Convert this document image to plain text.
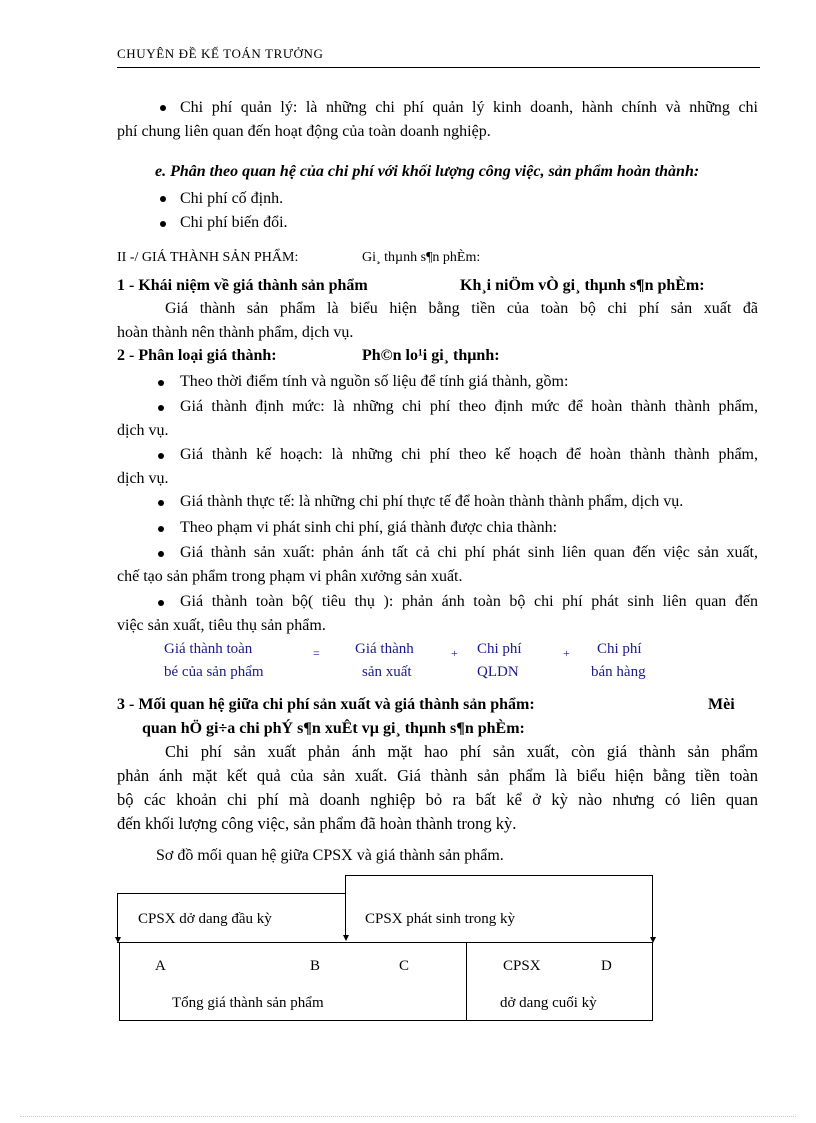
CHUYÊN ĐỀ KẾ TOÁN TRƯỞNG
Chi phí quản lý: là những chi phí quản lý kinh doanh, hành chính và những chi
phí chung liên quan đến hoạt động của toàn doanh nghiệp.
e. Phân theo quan hệ của chi phí với khối lượng công việc, sản phẩm hoàn thành:
Chi phí cố định.
Chi phí biến đổi.
II -/ GIÁ THÀNH SẢN PHẨM:	Gi¸ thµnh s¶n phÈm:
1 - Khái niệm về giá thành sản phẩm	Kh¸i niÖm vÒ gi¸ thµnh s¶n phÈm:
Giá thành sản phẩm là biểu hiện bằng tiền của toàn bộ chi phí sản xuất đã
hoàn thành nên thành phẩm, dịch vụ.
2 - Phân loại giá thành:	Ph©n lo¹i gi¸ thµnh:
Theo thời điểm tính và nguồn số liệu để tính giá thành, gồm:
Giá thành định mức: là những chi phí theo định mức để hoàn thành thành phẩm,
dịch vụ.
Giá thành kế hoạch: là những chi phí theo kế hoạch để hoàn thành thành phẩm,
dịch vụ.
Giá thành thực tế: là những chi phí thực tế để hoàn thành thành phẩm, dịch vụ.
Theo phạm vi phát sinh chi phí, giá thành được chia thành:
Giá thành sản xuất: phản ánh tất cả chi phí phát sinh liên quan đến việc sản xuất,
chế tạo sản phẩm trong phạm vi phân xưởng sản xuất.
Giá thành toàn bộ( tiêu thụ ): phản ánh toàn bộ chi phí phát sinh liên quan đến
việc sản xuất, tiêu thụ sản phẩm.
Giá thành toàn
bé của sản phẩm
= Giá thành
sản xuất
+ Chi phí
QLDN
+ Chi phí
bán hàng
3 - Mối quan hệ giữa chi phí sản xuất và giá thành sản phẩm:	Mèi
quan hÖ gi÷a chi phÝ s¶n xuÊt vµ gi¸ thµnh s¶n phÈm:
Chi phí sản xuất phản ánh mặt hao phí sản xuất, còn giá thành sản phẩm
phản ánh mặt kết quả của sản xuất. Giá thành sản phẩm là biểu hiện bằng tiền toàn
bộ các khoản chi phí mà doanh nghiệp bỏ ra bất kể ở kỳ nào nhưng có liên quan
đến khối lượng công việc, sản phẩm đã hoàn thành trong kỳ.
Sơ đồ mối quan hệ giữa CPSX và giá thành sản phẩm.
CPSX dở dang đầu kỳ	CPSX phát sinh trong kỳ
A	B	C	CPSX	D
Tổng giá thành sản phẩm	dở dang cuối kỳ
